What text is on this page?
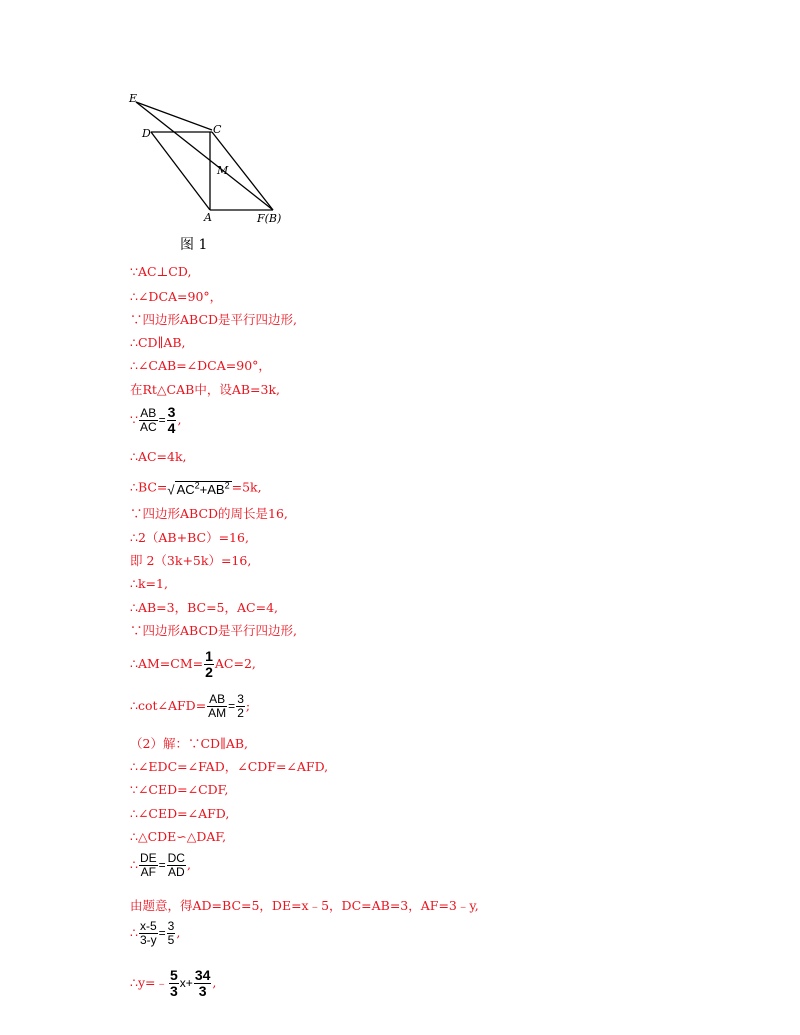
E
D	C
M
A	F(B)
图 1
∵AC⊥CD,
∴∠DCA=90°，
∵四边形ABCD是平行四边形,
∴CD∥AB,
∴∠CAB=∠DCA=90°，
在Rt△CAB中，设AB=3k,
∵ $\frac{AB}{AC} = \frac{3}{4}$ ,
∴AC=4k,
∴BC=√ $AC^2+AB^2 =5k$,
∵四边形ABCD的周长是16,
∴2（AB+BC）=16,
即 2（3k+5k）=16,
∴k=1,
∴AB=3，BC=5，AC=4,
∵四边形ABCD是平行四边形,
∴AM=CM= $\frac{1}{2} AC=2$,
∴cot∠AFD= $\frac{AB}{AM} = \frac{3}{2}$ ;
（2）解：∵CD∥AB,
∴∠EDC=∠FAD，∠CDF=∠AFD,
∵∠CED=∠CDF,
∴∠CED=∠AFD,
∴△CDE∽△DAF,
∴ $\frac{DE}{AF} = \frac{DC}{AD}$ ,
由题意，得AD=BC=5，DE=x﹣5，DC=AB=3，AF=3﹣y,
∴ $\frac{x-5}{3-y} = \frac{3}{5}$ ,
∴y=﹣ $\frac{5}{3} x+ \frac{34}{3}$ ,
